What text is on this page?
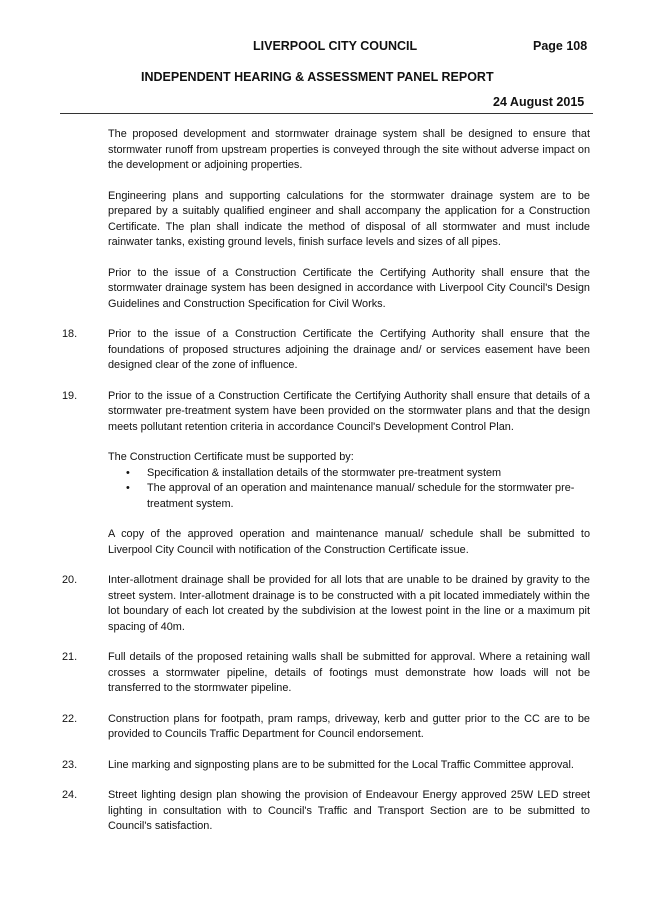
LIVERPOOL CITY COUNCIL	Page 108
INDEPENDENT HEARING & ASSESSMENT PANEL REPORT
24 August 2015
The proposed development and stormwater drainage system shall be designed to ensure that stormwater runoff from upstream properties is conveyed through the site without adverse impact on the development or adjoining properties.
Engineering plans and supporting calculations for the stormwater drainage system are to be prepared by a suitably qualified engineer and shall accompany the application for a Construction Certificate. The plan shall indicate the method of disposal of all stormwater and must include rainwater tanks, existing ground levels, finish surface levels and sizes of all pipes.
Prior to the issue of a Construction Certificate the Certifying Authority shall ensure that the stormwater drainage system has been designed in accordance with Liverpool City Council's Design Guidelines and Construction Specification for Civil Works.
18.	Prior to the issue of a Construction Certificate the Certifying Authority shall ensure that the foundations of proposed structures adjoining the drainage and/ or services easement have been designed clear of the zone of influence.
19.	Prior to the issue of a Construction Certificate the Certifying Authority shall ensure that details of a stormwater pre-treatment system have been provided on the stormwater plans and that the design meets pollutant retention criteria in accordance Council's Development Control Plan.
The Construction Certificate must be supported by:
• Specification & installation details of the stormwater pre-treatment system
• The approval of an operation and maintenance manual/ schedule for the stormwater pre-treatment system.
A copy of the approved operation and maintenance manual/ schedule shall be submitted to Liverpool City Council with notification of the Construction Certificate issue.
20.	Inter-allotment drainage shall be provided for all lots that are unable to be drained by gravity to the street system. Inter-allotment drainage is to be constructed with a pit located immediately within the lot boundary of each lot created by the subdivision at the lowest point in the line or a maximum pit spacing of 40m.
21.	Full details of the proposed retaining walls shall be submitted for approval. Where a retaining wall crosses a stormwater pipeline, details of footings must demonstrate how loads will not be transferred to the stormwater pipeline.
22.	Construction plans for footpath, pram ramps, driveway, kerb and gutter prior to the CC are to be provided to Councils Traffic Department for Council endorsement.
23.	Line marking and signposting plans are to be submitted for the Local Traffic Committee approval.
24.	Street lighting design plan showing the provision of Endeavour Energy approved 25W LED street lighting in consultation with to Council's Traffic and Transport Section are to be submitted to Council's satisfaction.
